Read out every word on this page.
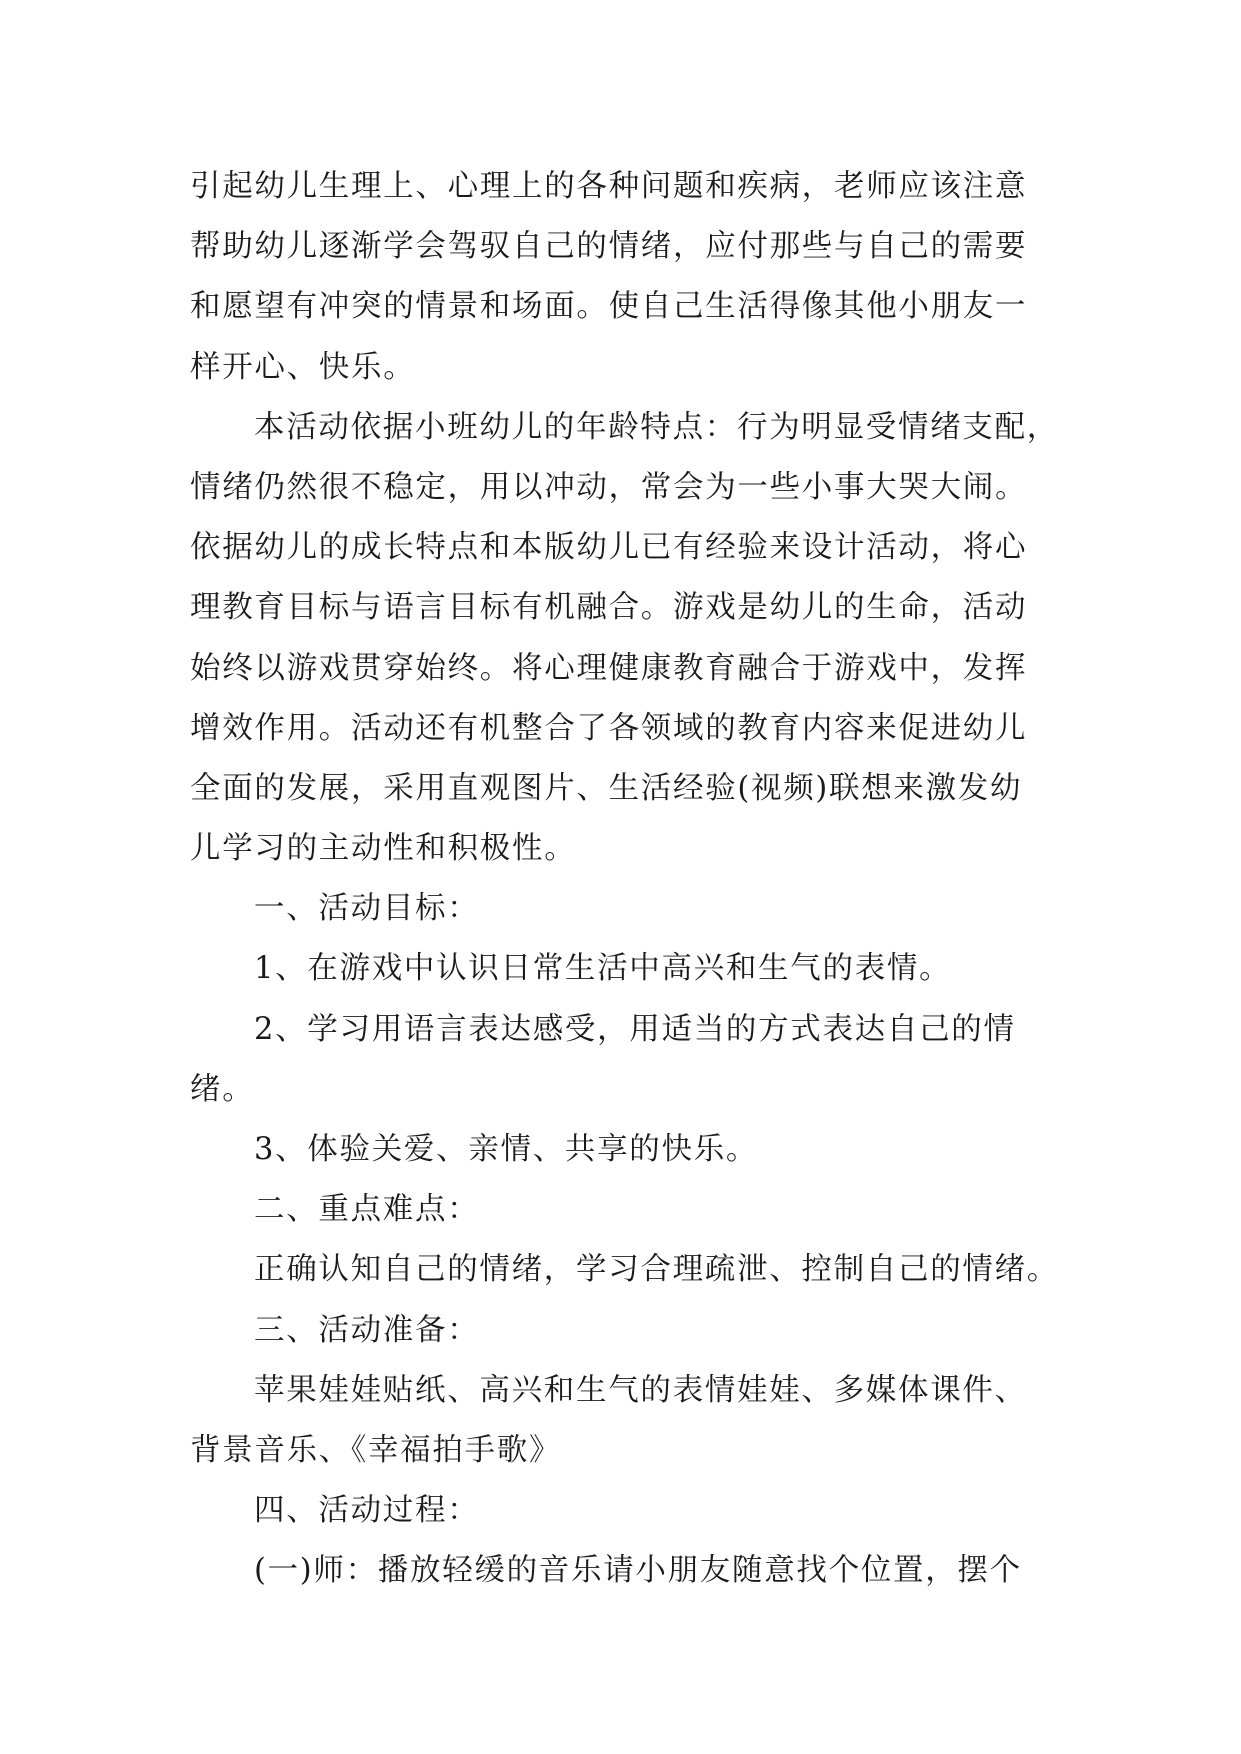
引起幼儿生理上、心理上的各种问题和疾病，老师应该注意
帮助幼儿逐渐学会驾驭自己的情绪，应付那些与自己的需要
和愿望有冲突的情景和场面。使自己生活得像其他小朋友一
样开心、快乐。
本活动依据小班幼儿的年龄特点：行为明显受情绪支配，
情绪仍然很不稳定，用以冲动，常会为一些小事大哭大闹。
依据幼儿的成长特点和本版幼儿已有经验来设计活动，将心
理教育目标与语言目标有机融合。游戏是幼儿的生命，活动
始终以游戏贯穿始终。将心理健康教育融合于游戏中，发挥
增效作用。活动还有机整合了各领域的教育内容来促进幼儿
全面的发展，采用直观图片、生活经验(视频)联想来激发幼
儿学习的主动性和积极性。
一、活动目标：
1、在游戏中认识日常生活中高兴和生气的表情。
2、学习用语言表达感受，用适当的方式表达自己的情
绪。
3、体验关爱、亲情、共享的快乐。
二、重点难点：
正确认知自己的情绪，学习合理疏泄、控制自己的情绪。
三、活动准备：
苹果娃娃贴纸、高兴和生气的表情娃娃、多媒体课件、
背景音乐、《幸福拍手歌》
四、活动过程：
(一)师：播放轻缓的音乐请小朋友随意找个位置，摆个
